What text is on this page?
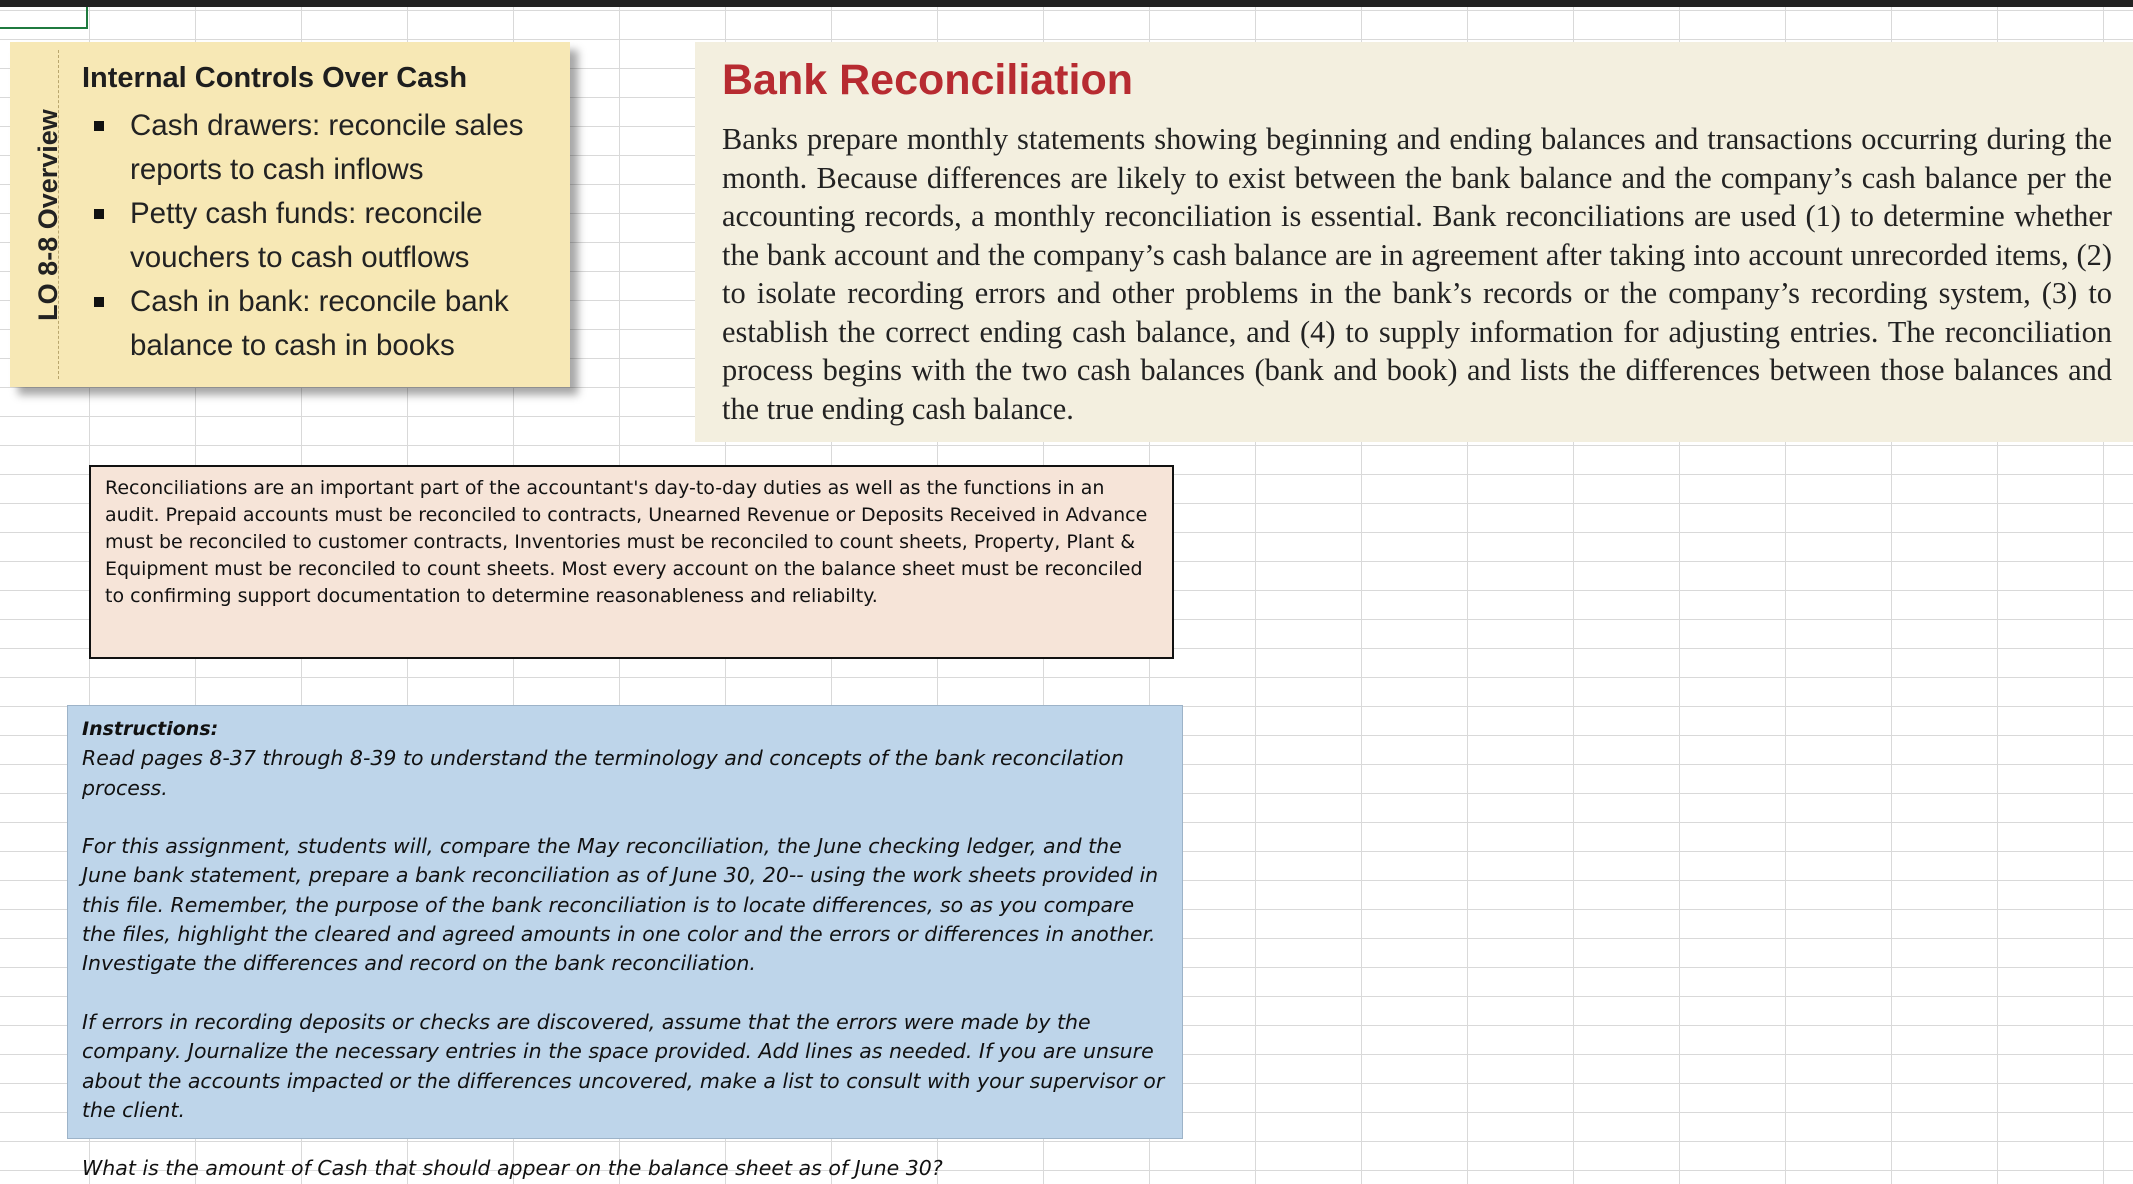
LO 8-8 Overview
Internal Controls Over Cash
Cash drawers: reconcile sales reports to cash inflows
Petty cash funds: reconcile vouchers to cash outflows
Cash in bank: reconcile bank balance to cash in books
Bank Reconciliation

Banks prepare monthly statements showing beginning and ending balances and transactions occurring during the month. Because differences are likely to exist between the bank balance and the company’s cash balance per the accounting records, a monthly reconciliation is essential. Bank reconciliations are used (1) to determine whether the bank account and the company’s cash balance are in agreement after taking into account unrecorded items, (2) to isolate recording errors and other problems in the bank’s records or the company’s recording system, (3) to establish the correct ending cash balance, and (4) to supply information for adjusting entries. The reconciliation process begins with the two cash balances (bank and book) and lists the differences between those balances and the true ending cash balance.

Reconciliations are an important part of the accountant's day-to-day duties as well as the functions in an audit. Prepaid accounts must be reconciled to contracts, Unearned Revenue or Deposits Received in Advance must be reconciled to customer contracts, Inventories must be reconciled to count sheets, Property, Plant & Equipment must be reconciled to count sheets. Most every account on the balance sheet must be reconciled to confirming support documentation to determine reasonableness and reliabilty.

Instructions:

Read pages 8-37 through 8-39 to understand the terminology and concepts of the bank reconcilation process.

For this assignment, students will, compare the May reconciliation, the June checking ledger, and the June bank statement, prepare a bank reconciliation as of June 30, 20-- using the work sheets provided in this file. Remember, the purpose of the bank reconciliation is to locate differences, so as you compare the files, highlight the cleared and agreed amounts in one color and the errors or differences in another. Investigate the differences and record on the bank reconciliation.

If errors in recording deposits or checks are discovered, assume that the errors were made by the company. Journalize the necessary entries in the space provided. Add lines as needed. If you are unsure about the accounts impacted or the differences uncovered, make a list to consult with your supervisor or the client.

What is the amount of Cash that should appear on the balance sheet as of June 30?
